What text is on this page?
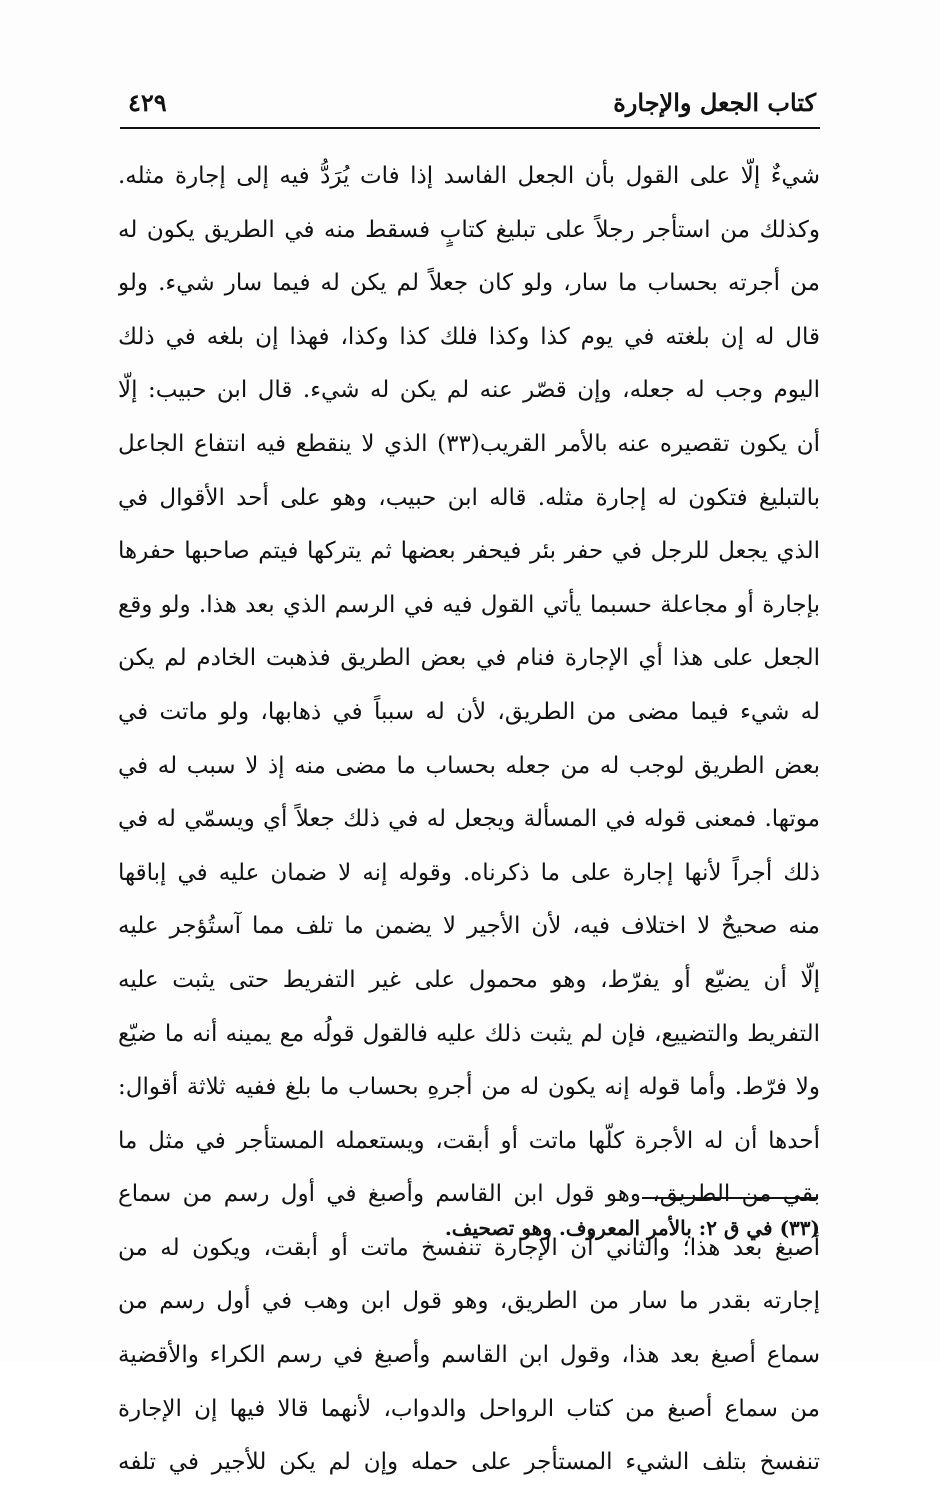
كتاب الجعل والإجارة
٤٢٩
شيءٌ إلّا على القول بأن الجعل الفاسد إذا فات يُرَدُّ فيه إلى إجارة مثله.
وكذلك من استأجر رجلاً على تبليغ كتابٍ فسقط منه في الطريق يكون له
من أجرته بحساب ما سار، ولو كان جعلاً لم يكن له فيما سار شيء. ولو
قال له إن بلغته في يوم كذا وكذا فلك كذا وكذا، فهذا إن بلغه في ذلك
اليوم وجب له جعله، وإن قصّر عنه لم يكن له شيء. قال ابن حبيب: إلّا
أن يكون تقصيره عنه بالأمر القريب(٣٣) الذي لا ينقطع فيه انتفاع الجاعل
بالتبليغ فتكون له إجارة مثله. قاله ابن حبيب، وهو على أحد الأقوال في
الذي يجعل للرجل في حفر بئر فيحفر بعضها ثم يتركها فيتم صاحبها حفرها
بإجارة أو مجاعلة حسبما يأتي القول فيه في الرسم الذي بعد هذا. ولو وقع
الجعل على هذا أي الإجارة فنام في بعض الطريق فذهبت الخادم لم يكن
له شيء فيما مضى من الطريق، لأن له سبباً في ذهابها، ولو ماتت في
بعض الطريق لوجب له من جعله بحساب ما مضى منه إذ لا سبب له في
موتها. فمعنى قوله في المسألة ويجعل له في ذلك جعلاً أي ويسمّي له في
ذلك أجراً لأنها إجارة على ما ذكرناه. وقوله إنه لا ضمان عليه في إباقها
منه صحيحٌ لا اختلاف فيه، لأن الأجير لا يضمن ما تلف مما آستُؤجر عليه
إلّا أن يضيّع أو يفرّط، وهو محمول على غير التفريط حتى يثبت عليه
التفريط والتضييع، فإن لم يثبت ذلك عليه فالقول قولُه مع يمينه أنه ما ضيّع
ولا فرّط. وأما قوله إنه يكون له من أجرهِ بحساب ما بلغ ففيه ثلاثة أقوال:
أحدها أن له الأجرة كلّها ماتت أو أبقت، ويستعمله المستأجر في مثل ما
بقي من الطريق، وهو قول ابن القاسم وأصبغ في أول رسم من سماع
أصبغ بعد هذا؛ والثاني أن الإجارة تنفسخ ماتت أو أبقت، ويكون له من
إجارته بقدر ما سار من الطريق، وهو قول ابن وهب في أول رسم من
سماع أصبغ بعد هذا، وقول ابن القاسم وأصبغ في رسم الكراء والأقضية
من سماع أصبغ من كتاب الرواحل والدواب، لأنهما قالا فيها إن الإجارة
تنفسخ بتلف الشيء المستأجر على حمله وإن لم يكن للأجير في تلفه
(٣٣) في ق ٢: بالأمر المعروف. وهو تصحيف.
